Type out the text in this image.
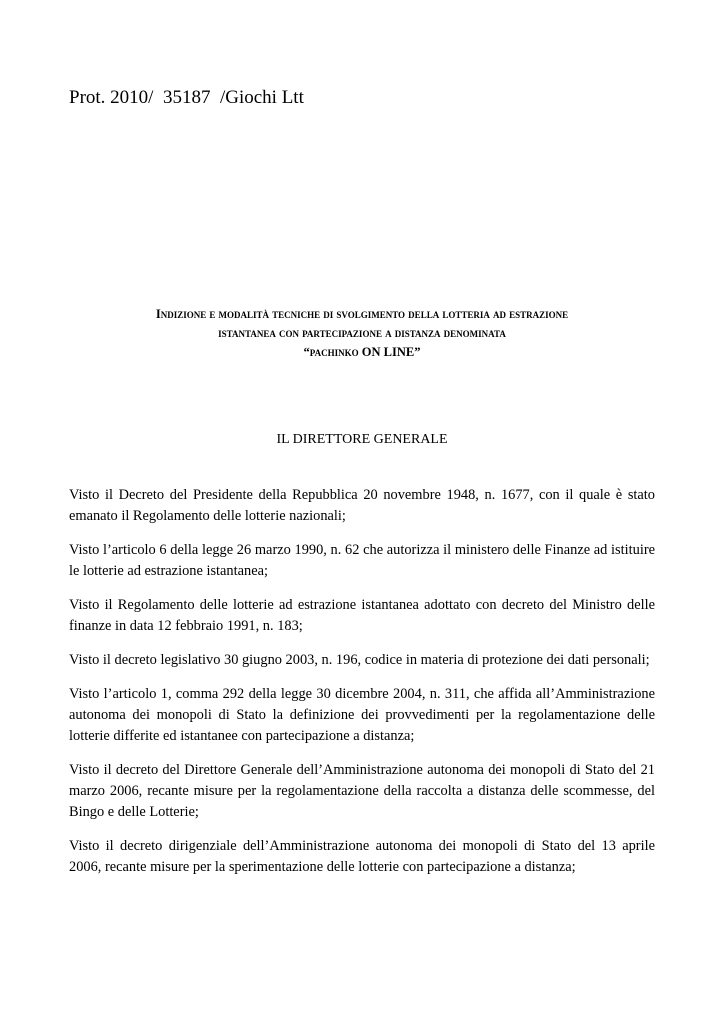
Prot. 2010/  35187  /Giochi Ltt
Indizione e modalità tecniche di svolgimento della lotteria ad estrazione
istantanea con partecipazione a distanza denominata
“pachinko ON LINE”
IL DIRETTORE GENERALE

Visto il Decreto del Presidente della Repubblica 20 novembre 1948, n. 1677, con il quale è stato emanato il Regolamento delle lotterie nazionali;

Visto l’articolo 6 della legge 26 marzo 1990, n. 62 che autorizza il ministero delle Finanze ad istituire le lotterie ad estrazione istantanea;

Visto il Regolamento delle lotterie ad estrazione istantanea adottato con decreto del Ministro delle finanze in data 12 febbraio 1991, n. 183;

Visto il decreto legislativo 30 giugno 2003, n. 196, codice in materia di protezione dei dati personali;

Visto l’articolo 1, comma 292 della legge 30 dicembre 2004, n. 311, che affida all’Amministrazione autonoma dei monopoli di Stato la definizione dei provvedimenti per la regolamentazione delle lotterie differite ed istantanee con partecipazione a distanza;

Visto il decreto del Direttore Generale dell’Amministrazione autonoma dei monopoli di Stato del 21 marzo 2006, recante misure per la regolamentazione della raccolta a distanza delle scommesse, del Bingo e delle Lotterie;

Visto il decreto dirigenziale dell’Amministrazione autonoma dei monopoli di Stato del 13 aprile 2006, recante misure per la sperimentazione delle lotterie con partecipazione a distanza;
